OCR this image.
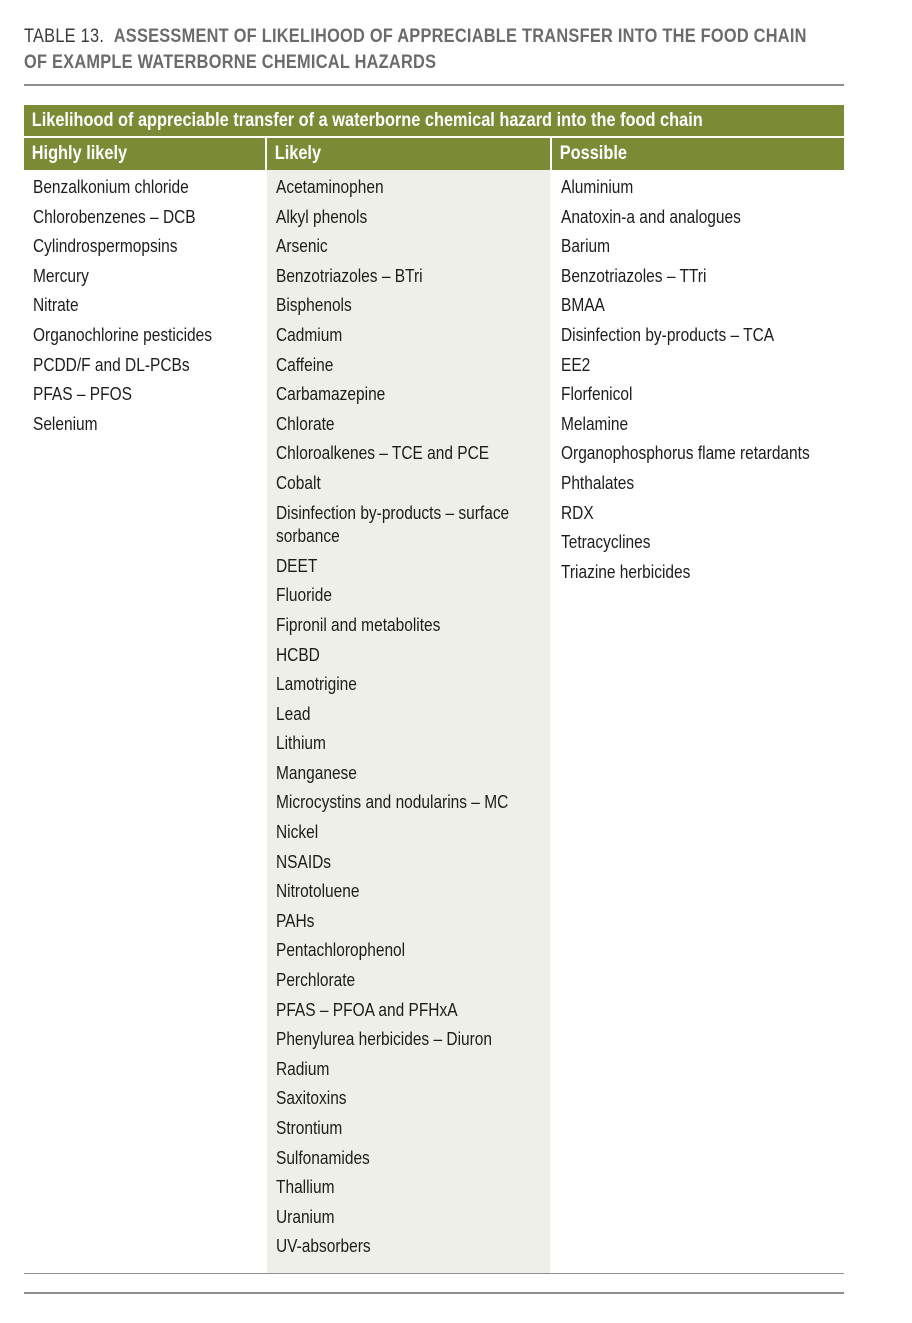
TABLE 13. ASSESSMENT OF LIKELIHOOD OF APPRECIABLE TRANSFER INTO THE FOOD CHAIN
OF EXAMPLE WATERBORNE CHEMICAL HAZARDS
Likelihood of appreciable transfer of a waterborne chemical hazard into the food chain
Highly likely	Likely	Possible
Benzalkonium chloride
Chlorobenzenes – DCB
Cylindrospermopsins
Mercury
Nitrate
Organochlorine pesticides
PCDD/F and DL-PCBs
PFAS – PFOS
Selenium
Acetaminophen
Alkyl phenols
Arsenic
Benzotriazoles – BTri
Bisphenols
Cadmium
Caffeine
Carbamazepine
Chlorate
Chloroalkenes – TCE and PCE
Cobalt
Disinfection by-products – surface sorbance
DEET
Fluoride
Fipronil and metabolites
HCBD
Lamotrigine
Lead
Lithium
Manganese
Microcystins and nodularins – MC
Nickel
NSAIDs
Nitrotoluene
PAHs
Pentachlorophenol
Perchlorate
PFAS – PFOA and PFHxA
Phenylurea herbicides – Diuron
Radium
Saxitoxins
Strontium
Sulfonamides
Thallium
Uranium
UV-absorbers
Aluminium
Anatoxin-a and analogues
Barium
Benzotriazoles – TTri
BMAA
Disinfection by-products – TCA
EE2
Florfenicol
Melamine
Organophosphorus flame retardants
Phthalates
RDX
Tetracyclines
Triazine herbicides
